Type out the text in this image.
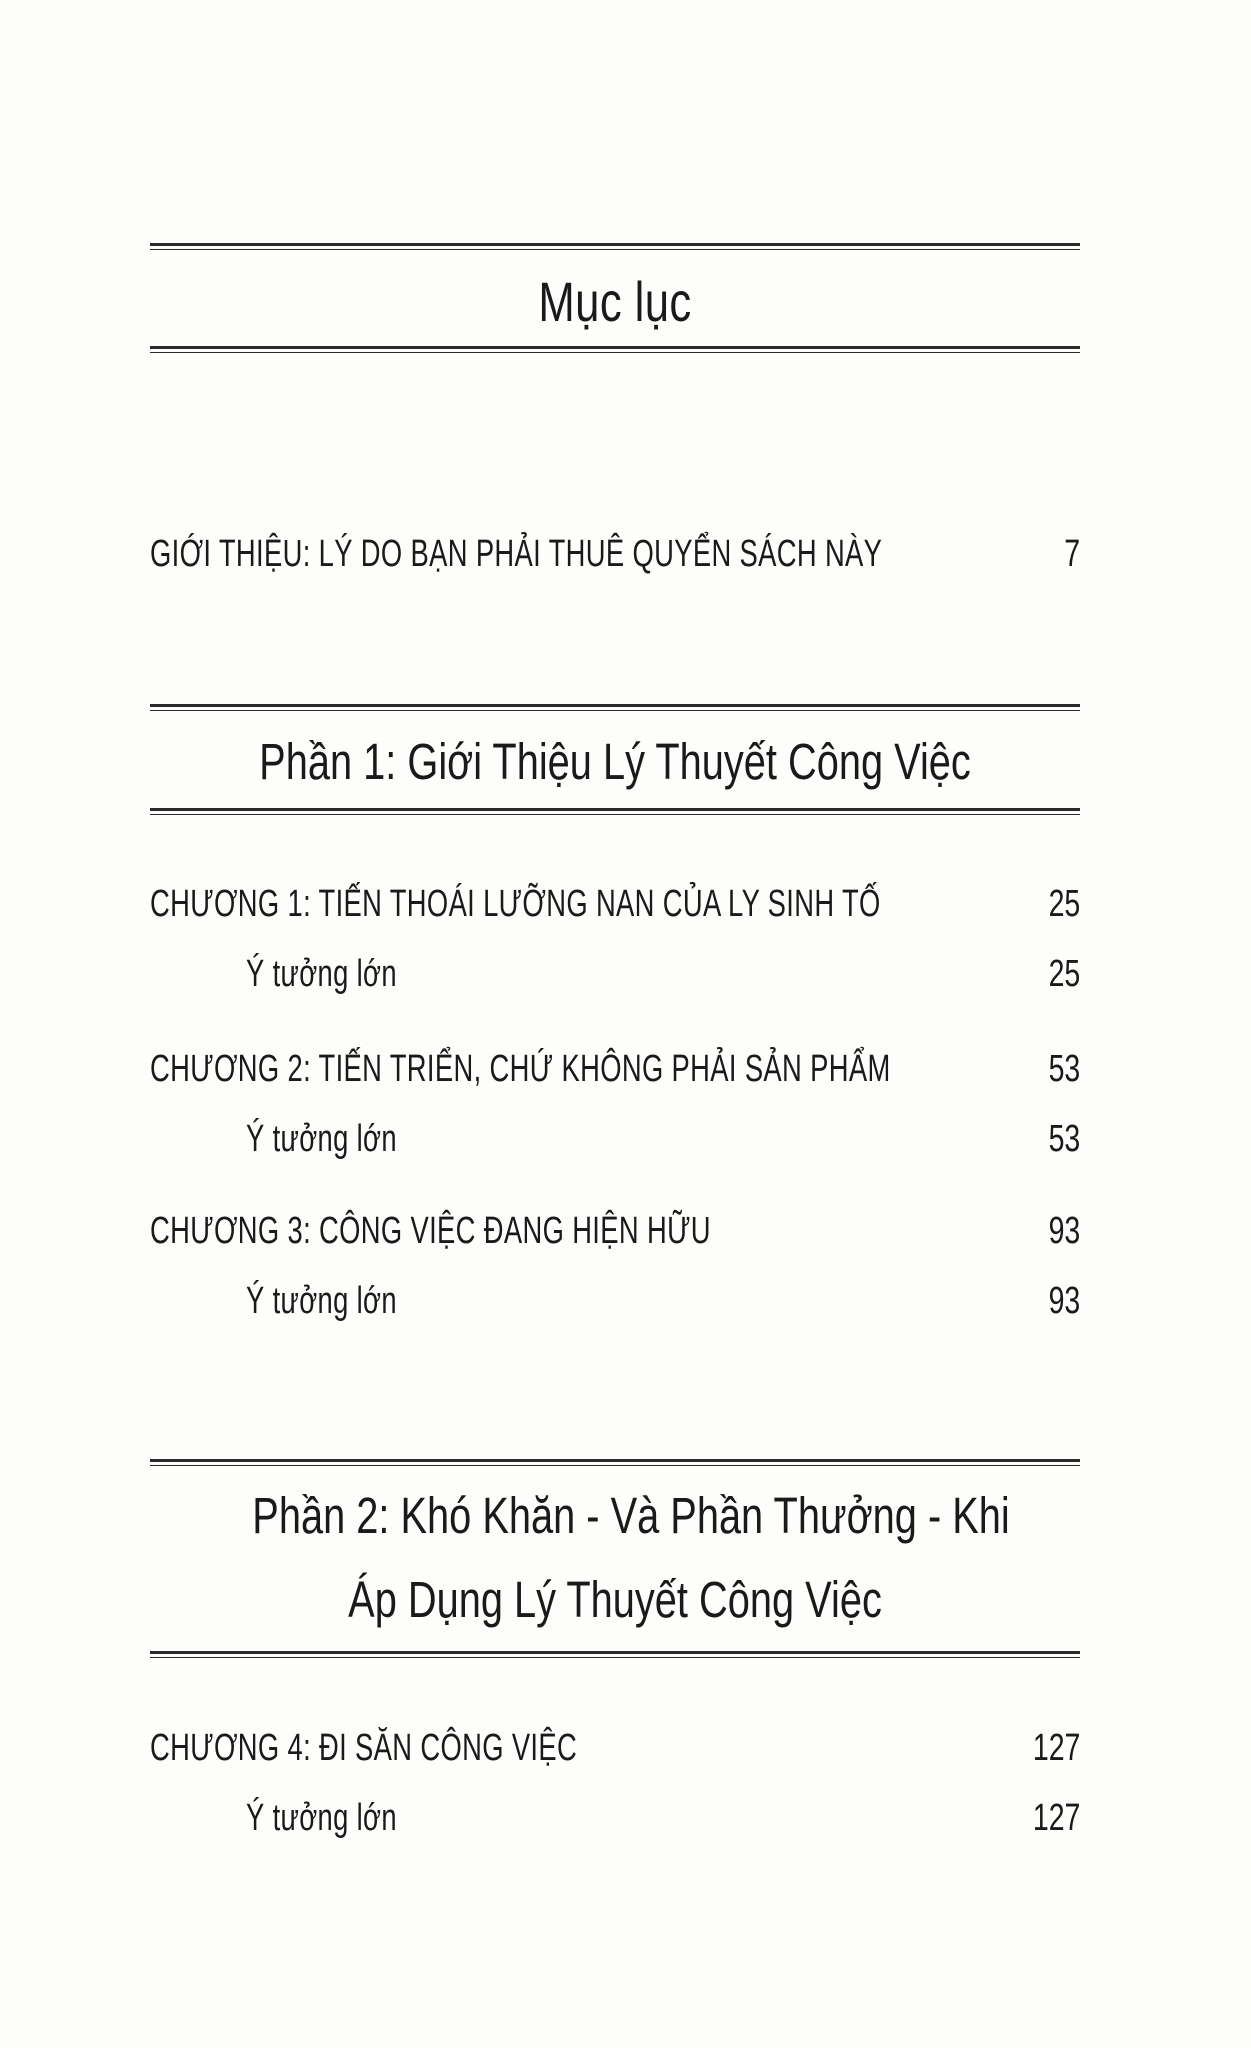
Mục lục
GIỚI THIỆU: LÝ DO BẠN PHẢI THUÊ QUYỂN SÁCH NÀY	7
Phần 1: Giới Thiệu Lý Thuyết Công Việc
CHƯƠNG 1: TIẾN THOÁI LƯỠNG NAN CỦA LY SINH TỐ	25
Ý tưởng lớn	25
CHƯƠNG 2: TIẾN TRIỂN, CHỨ KHÔNG PHẢI SẢN PHẨM	53
Ý tưởng lớn	53
CHƯƠNG 3: CÔNG VIỆC ĐANG HIỆN HỮU	93
Ý tưởng lớn	93
Phần 2: Khó Khăn - Và Phần Thưởng - Khi
Áp Dụng Lý Thuyết Công Việc
CHƯƠNG 4: ĐI SĂN CÔNG VIỆC	127
Ý tưởng lớn	127
